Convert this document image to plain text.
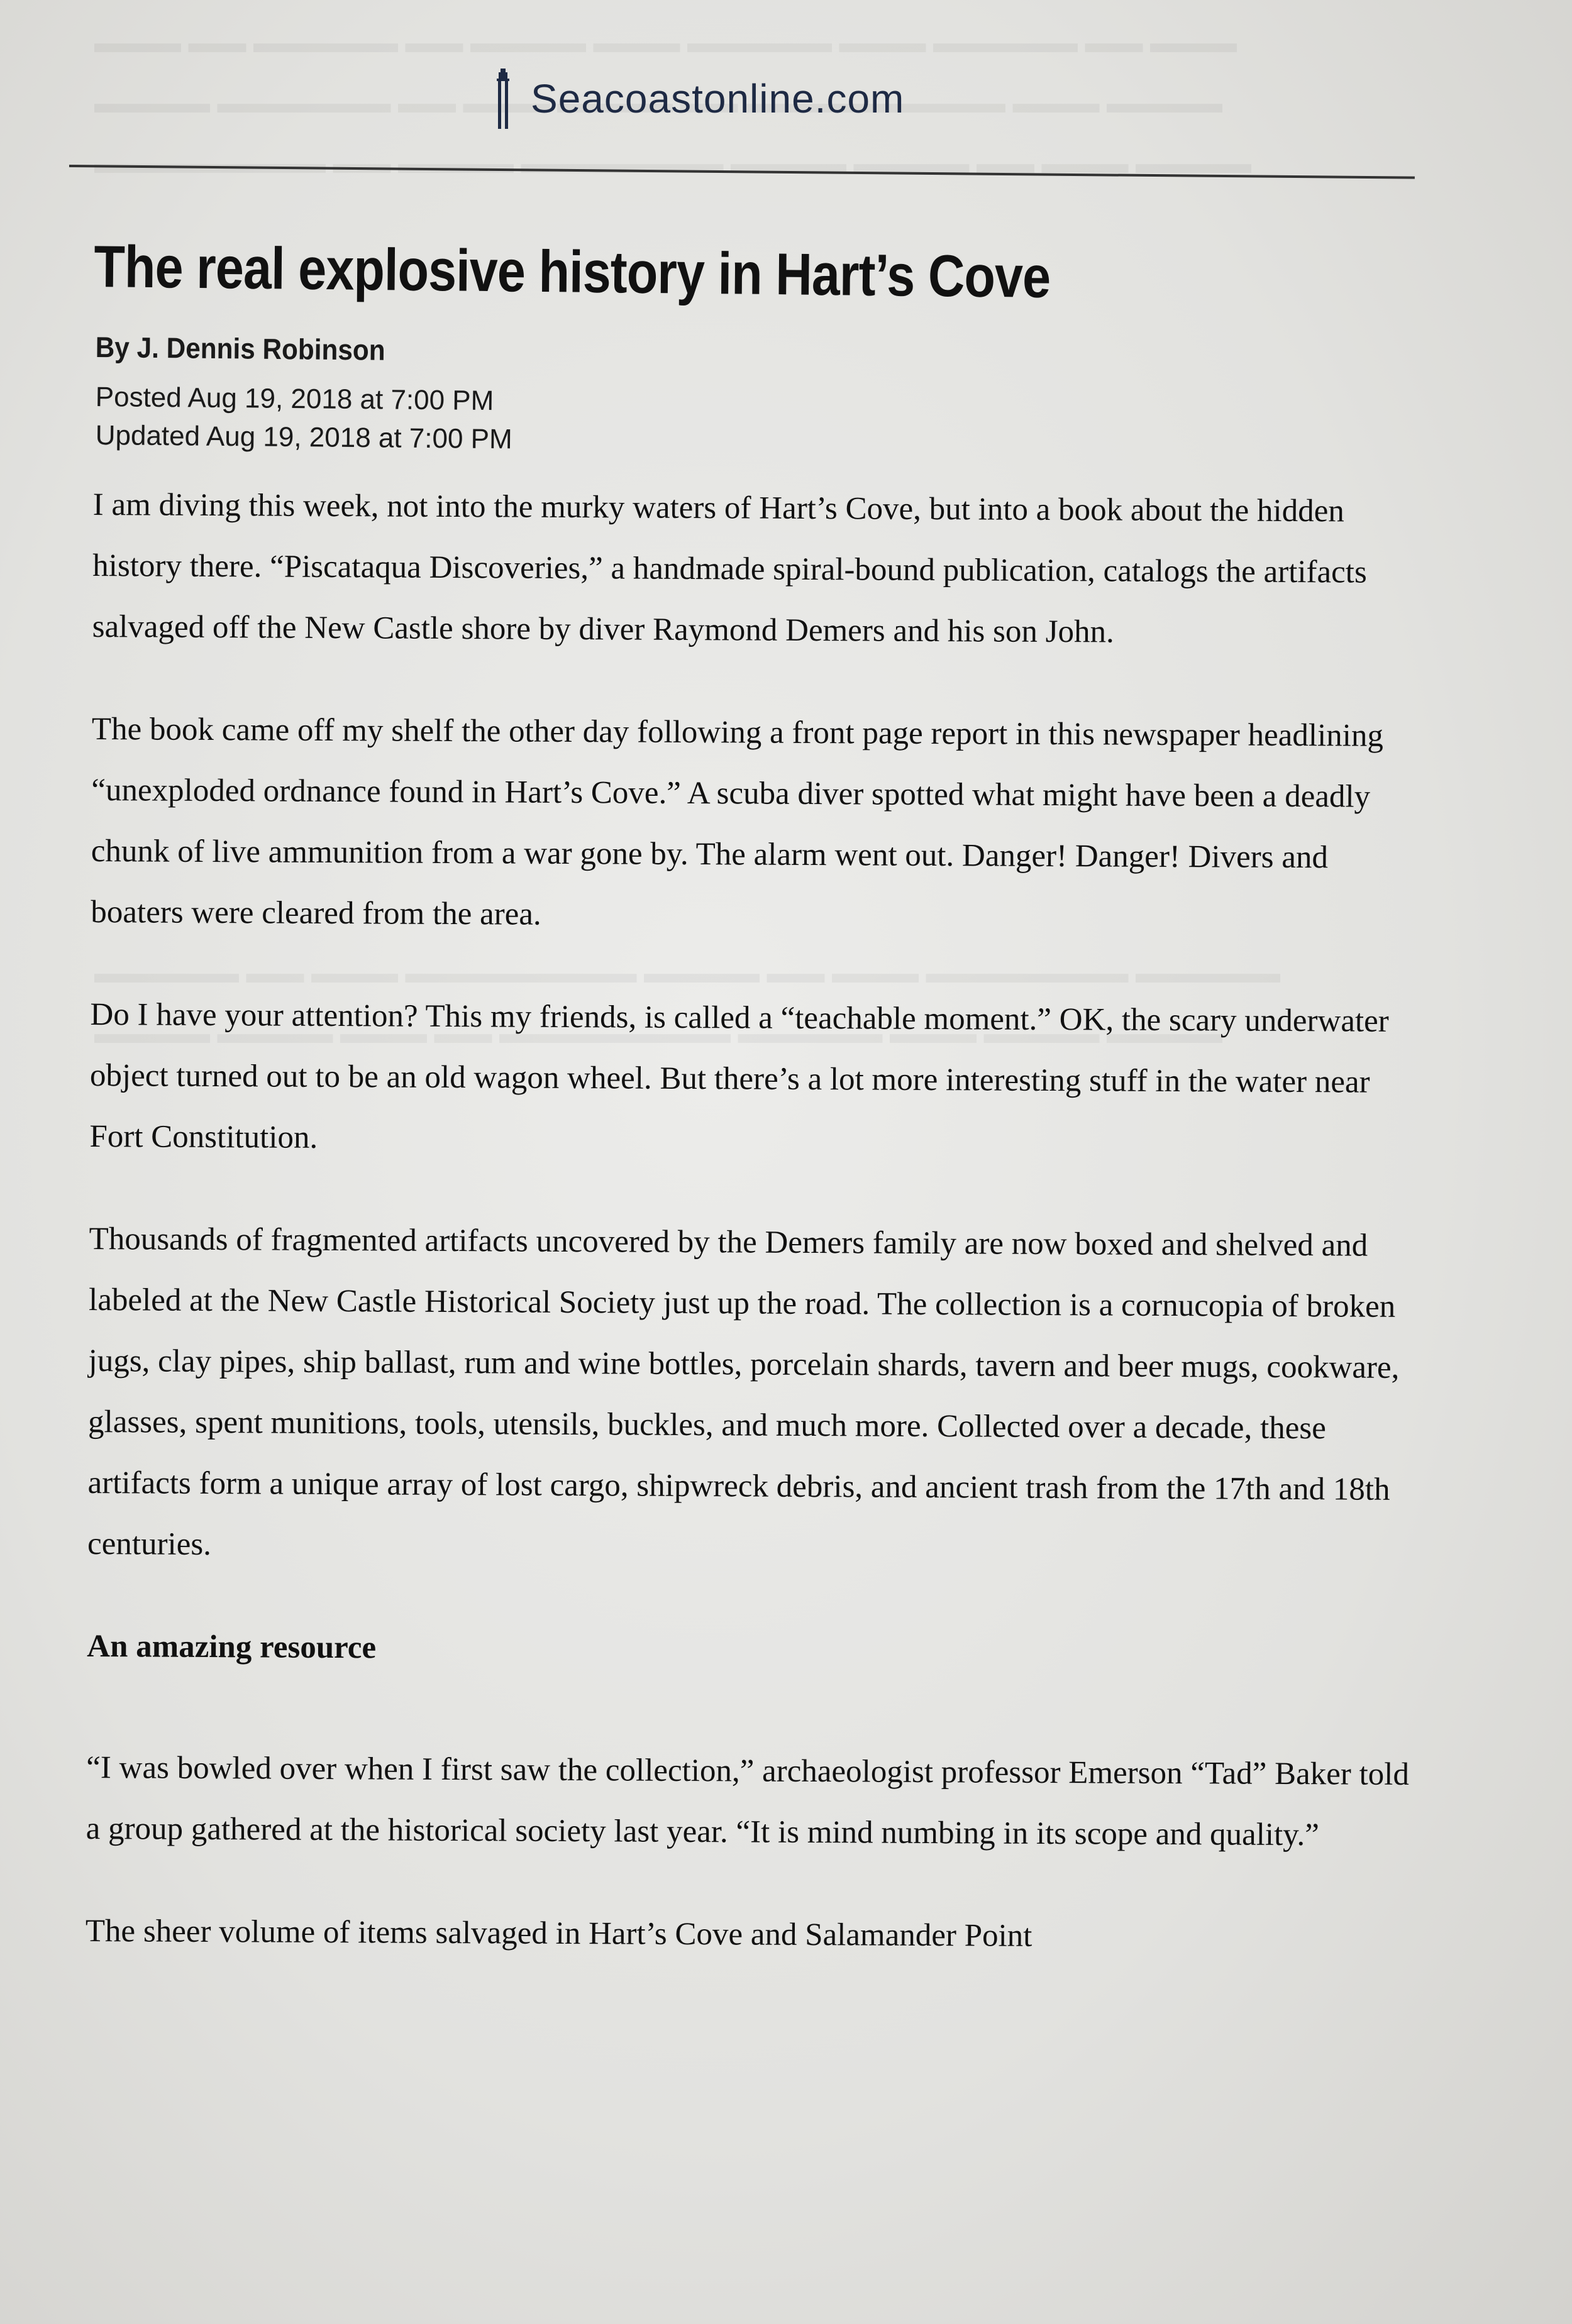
Seacoastonline.com
The real explosive history in Hart’s Cove
By J. Dennis Robinson
Posted Aug 19, 2018 at 7:00 PM
Updated Aug 19, 2018 at 7:00 PM

I am diving this week, not into the murky waters of Hart’s Cove, but into a book about the hidden history there. “Piscataqua Discoveries,” a handmade spiral-bound publication, catalogs the artifacts salvaged off the New Castle shore by diver Raymond Demers and his son John.

The book came off my shelf the other day following a front page report in this newspaper headlining “unexploded ordnance found in Hart’s Cove.” A scuba diver spotted what might have been a deadly chunk of live ammunition from a war gone by. The alarm went out. Danger! Danger! Divers and boaters were cleared from the area.

Do I have your attention? This my friends, is called a “teachable moment.” OK, the scary underwater object turned out to be an old wagon wheel. But there’s a lot more interesting stuff in the water near Fort Constitution.

Thousands of fragmented artifacts uncovered by the Demers family are now boxed and shelved and labeled at the New Castle Historical Society just up the road. The collection is a cornucopia of broken jugs, clay pipes, ship ballast, rum and wine bottles, porcelain shards, tavern and beer mugs, cookware, glasses, spent munitions, tools, utensils, buckles, and much more. Collected over a decade, these artifacts form a unique array of lost cargo, shipwreck debris, and ancient trash from the 17th and 18th centuries.

An amazing resource

“I was bowled over when I first saw the collection,” archaeologist professor Emerson “Tad” Baker told a group gathered at the historical society last year. “It is mind numbing in its scope and quality.”

The sheer volume of items salvaged in Hart’s Cove and Salamander Point
